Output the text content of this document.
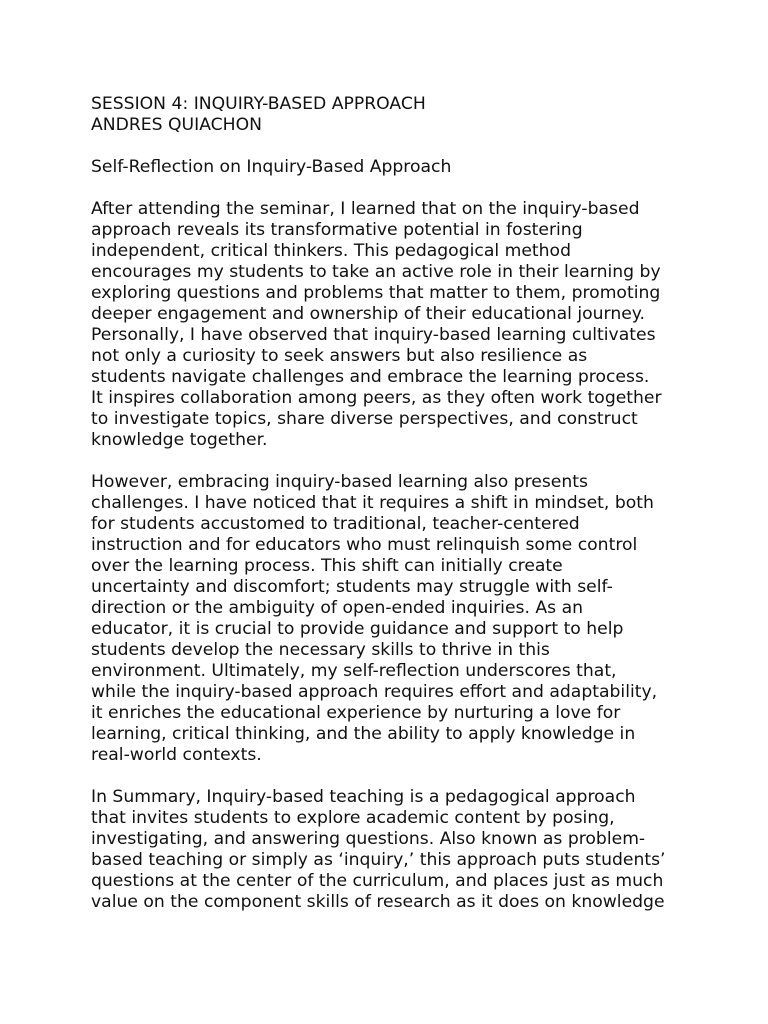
SESSION 4: INQUIRY-BASED APPROACH
ANDRES QUIACHON
Self-Reflection on Inquiry-Based Approach
After attending the seminar, I learned that on the inquiry-based
approach reveals its transformative potential in fostering
independent, critical thinkers. This pedagogical method
encourages my students to take an active role in their learning by
exploring questions and problems that matter to them, promoting
deeper engagement and ownership of their educational journey.
Personally, I have observed that inquiry-based learning cultivates
not only a curiosity to seek answers but also resilience as
students navigate challenges and embrace the learning process.
It inspires collaboration among peers, as they often work together
to investigate topics, share diverse perspectives, and construct
knowledge together.
However, embracing inquiry-based learning also presents
challenges. I have noticed that it requires a shift in mindset, both
for students accustomed to traditional, teacher-centered
instruction and for educators who must relinquish some control
over the learning process. This shift can initially create
uncertainty and discomfort; students may struggle with self-
direction or the ambiguity of open-ended inquiries. As an
educator, it is crucial to provide guidance and support to help
students develop the necessary skills to thrive in this
environment. Ultimately, my self-reflection underscores that,
while the inquiry-based approach requires effort and adaptability,
it enriches the educational experience by nurturing a love for
learning, critical thinking, and the ability to apply knowledge in
real-world contexts.
In Summary, Inquiry-based teaching is a pedagogical approach
that invites students to explore academic content by posing,
investigating, and answering questions. Also known as problem-
based teaching or simply as ‘inquiry,’ this approach puts students’
questions at the center of the curriculum, and places just as much
value on the component skills of research as it does on knowledge
